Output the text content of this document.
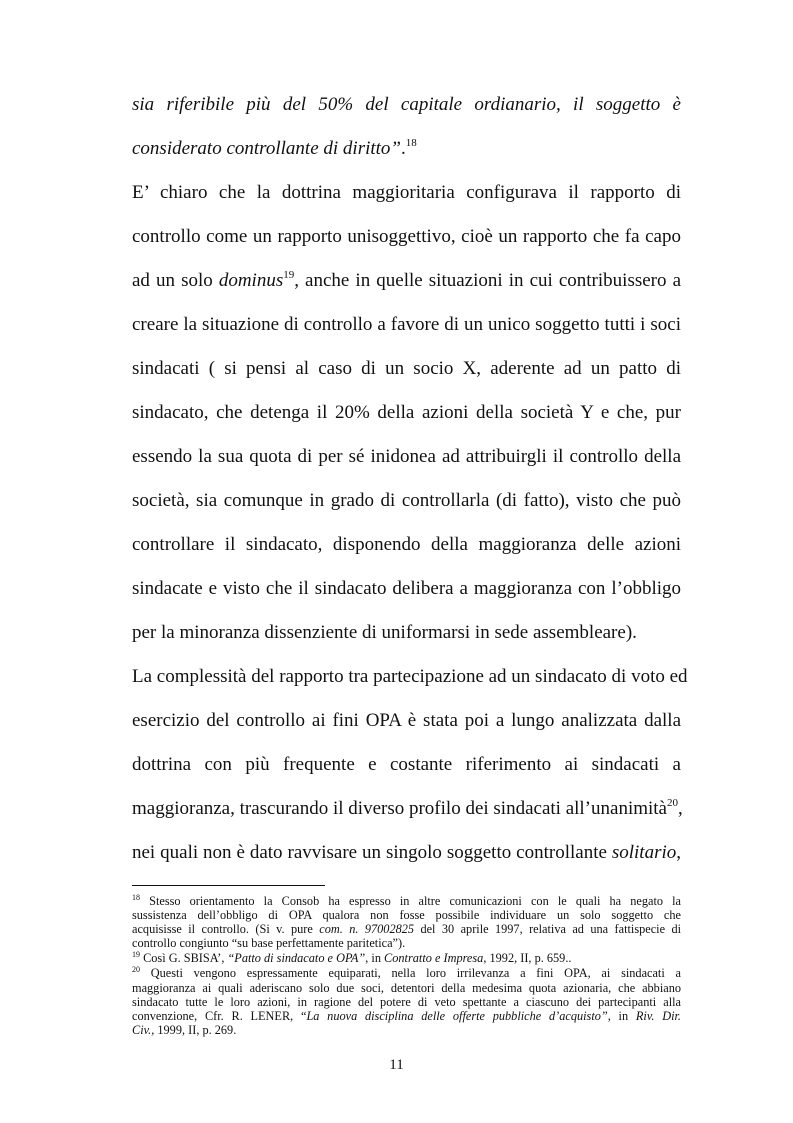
sia riferibile più del 50% del capitale ordianario, il soggetto è
considerato controllante di diritto”.$^{18}$
E’ chiaro che la dottrina maggioritaria configurava il rapporto di
controllo come un rapporto unisoggettivo, cioè un rapporto che fa capo
ad un solo dominus$^{19}$, anche in quelle situazioni in cui contribuissero a
creare la situazione di controllo a favore di un unico soggetto tutti i soci
sindacati ( si pensi al caso di un socio X, aderente ad un patto di
sindacato, che detenga il 20% della azioni della società Y e che, pur
essendo la sua quota di per sé inidonea ad attribuirgli il controllo della
società, sia comunque in grado di controllarla (di fatto), visto che può
controllare il sindacato, disponendo della maggioranza delle azioni
sindacate e visto che il sindacato delibera a maggioranza con l’obbligo
per la minoranza dissenziente di uniformarsi in sede assembleare).
La complessità del rapporto tra partecipazione ad un sindacato di voto ed
esercizio del controllo ai fini OPA è stata poi a lungo analizzata dalla
dottrina con più frequente e costante riferimento ai sindacati a
maggioranza, trascurando il diverso profilo dei sindacati all’unanimità$^{20}$,
nei quali non è dato ravvisare un singolo soggetto controllante solitario,
$^{18}$ Stesso orientamento la Consob ha espresso in altre comunicazioni con le quali ha negato la
sussistenza dell’obbligo di OPA qualora non fosse possibile individuare un solo soggetto che
acquisisse il controllo. (Si v. pure com. n. 97002825 del 30 aprile 1997, relativa ad una fattispecie di
controllo congiunto “su base perfettamente paritetica”).
$^{19}$ Così G. SBISA’, “Patto di sindacato e OPA”, in Contratto e Impresa, 1992, II, p. 659..
$^{20}$ Questi vengono espressamente equiparati, nella loro irrilevanza a fini OPA, ai sindacati a
maggioranza ai quali aderiscano solo due soci, detentori della medesima quota azionaria, che abbiano
sindacato tutte le loro azioni, in ragione del potere di veto spettante a ciascuno dei partecipanti alla
convenzione, Cfr. R. LENER, “La nuova disciplina delle offerte pubbliche d’acquisto”, in Riv. Dir.
Civ., 1999, II, p. 269.
11
